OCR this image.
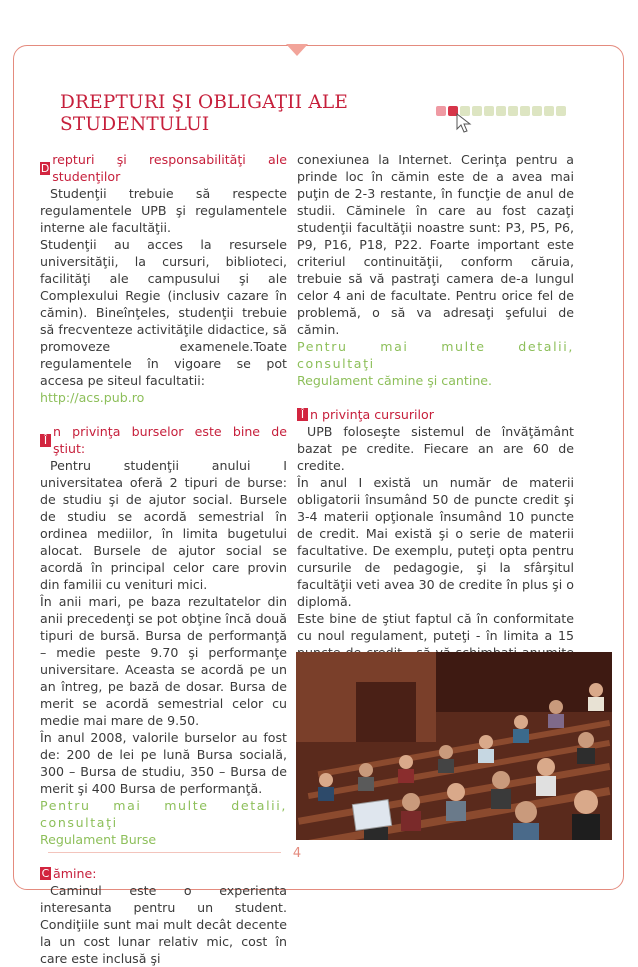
DREPTURI ŞI OBLIGAŢII ALE STUDENTULUI

D
repturi şi responsabilităţi ale studenţilor

Studenţii trebuie să respecte regulamentele UPB şi regulamentele interne ale facultăţii.

Studenţii au acces la resursele universităţii, la cursuri, biblioteci, facilităţi ale campusului şi ale Complexului Regie (inclusiv cazare în cămin). Bineînţeles, studenţii trebuie să frecventeze activităţile didactice, să promoveze examenele.Toate regulamentele în vigoare se pot accesa pe siteul facultatii:

http://acs.pub.ro

Î
n privinţa burselor este bine de ştiut:

Pentru studenţii anului I universitatea oferă 2 tipuri de burse: de studiu şi de ajutor social. Bursele de studiu se acordă semestrial în ordinea mediilor, în limita bugetului alocat. Bursele de ajutor social se acordă în principal celor care provin din familii cu venituri mici.

În anii mari, pe baza rezultatelor din anii precedenţi se pot obţine încă două tipuri de bursă. Bursa de performanţă – medie peste 9.70 şi performanţe universitare. Aceasta se acordă pe un an întreg, pe bază de dosar. Bursa de merit se acordă semestrial celor cu medie mai mare de 9.50.

În anul 2008, valorile burselor au fost de: 200 de lei pe lună Bursa socială, 300 – Bursa de studiu, 350 – Bursa de merit şi 400 Bursa de performanţă.

Pentru mai multe detalii, consultaţi

Regulament Burse

C ămine:

Caminul este o experienta interesanta pentru un student. Condiţiile sunt mai mult decât decente la un cost lunar relativ mic, cost în care este inclusă şi

conexiunea la Internet. Cerinţa pentru a prinde loc în cămin este de a avea mai puţin de 2-3 restante, în funcţie de anul de studii. Căminele în care au fost cazaţi studenţii facultăţii noastre sunt: P3, P5, P6, P9, P16, P18, P22. Foarte important este criteriul continuităţii, conform căruia, trebuie să vă pastraţi camera de-a lungul celor 4 ani de facultate. Pentru orice fel de problemă, o să va adresaţi şefului de cămin.

Pentru mai multe detalii, consultaţi

Regulament cămine şi cantine.

Î n privinţa cursurilor

UPB foloseşte sistemul de învăţământ bazat pe credite. Fiecare an are 60 de credite.

În anul I există un număr de materii obligatorii însumând 50 de puncte credit şi 3-4 materii opţionale însumând 10 puncte de credit. Mai există şi o serie de materii facultative. De exemplu, puteţi opta pentru cursurile de pedagogie, şi la sfârşitul facultăţii veti avea 30 de credite în plus şi o diplomă.

Este bine de ştiut faptul că în conformitate cu noul regulament, puteţi - în limita a 15

4
